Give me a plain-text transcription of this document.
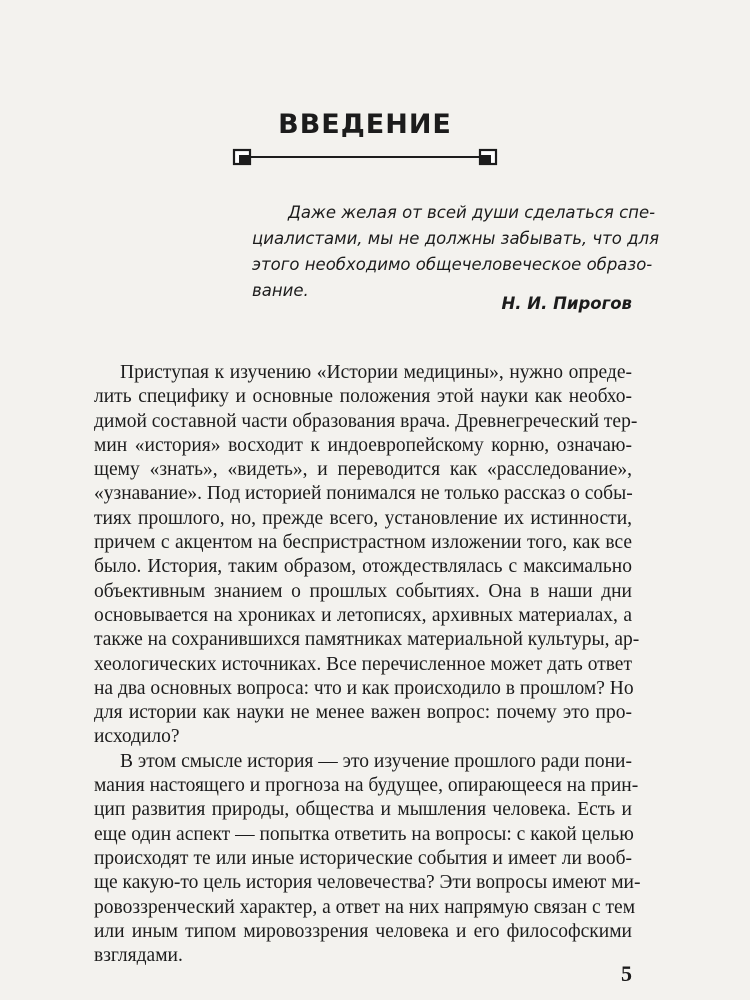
ВВЕДЕНИЕ
Даже желая от всей души сделаться спе-
циалистами, мы не должны забывать, что для
этого необходимо общечеловеческое образо-
вание.
Н. И. Пирогов
Приступая к изучению «Истории медицины», нужно опреде-
лить специфику и основные положения этой науки как необхо-
димой составной части образования врача. Древнегреческий тер-
мин «история» восходит к индоевропейскому корню, означаю-
щему «знать», «видеть», и переводится как «расследование»,
«узнавание». Под историей понимался не только рассказ о собы-
тиях прошлого, но, прежде всего, установление их истинности,
причем с акцентом на беспристрастном изложении того, как все
было. История, таким образом, отождествлялась с максимально
объективным знанием о прошлых событиях. Она в наши дни
основывается на хрониках и летописях, архивных материалах, а
также на сохранившихся памятниках материальной культуры, ар-
хеологических источниках. Все перечисленное может дать ответ
на два основных вопроса: что и как происходило в прошлом? Но
для истории как науки не менее важен вопрос: почему это про-
исходило?
В этом смысле история — это изучение прошлого ради пони-
мания настоящего и прогноза на будущее, опирающееся на прин-
цип развития природы, общества и мышления человека. Есть и
еще один аспект — попытка ответить на вопросы: с какой целью
происходят те или иные исторические события и имеет ли вооб-
ще какую-то цель история человечества? Эти вопросы имеют ми-
ровоззренческий характер, а ответ на них напрямую связан с тем
или иным типом мировоззрения человека и его философскими
взглядами.
5
